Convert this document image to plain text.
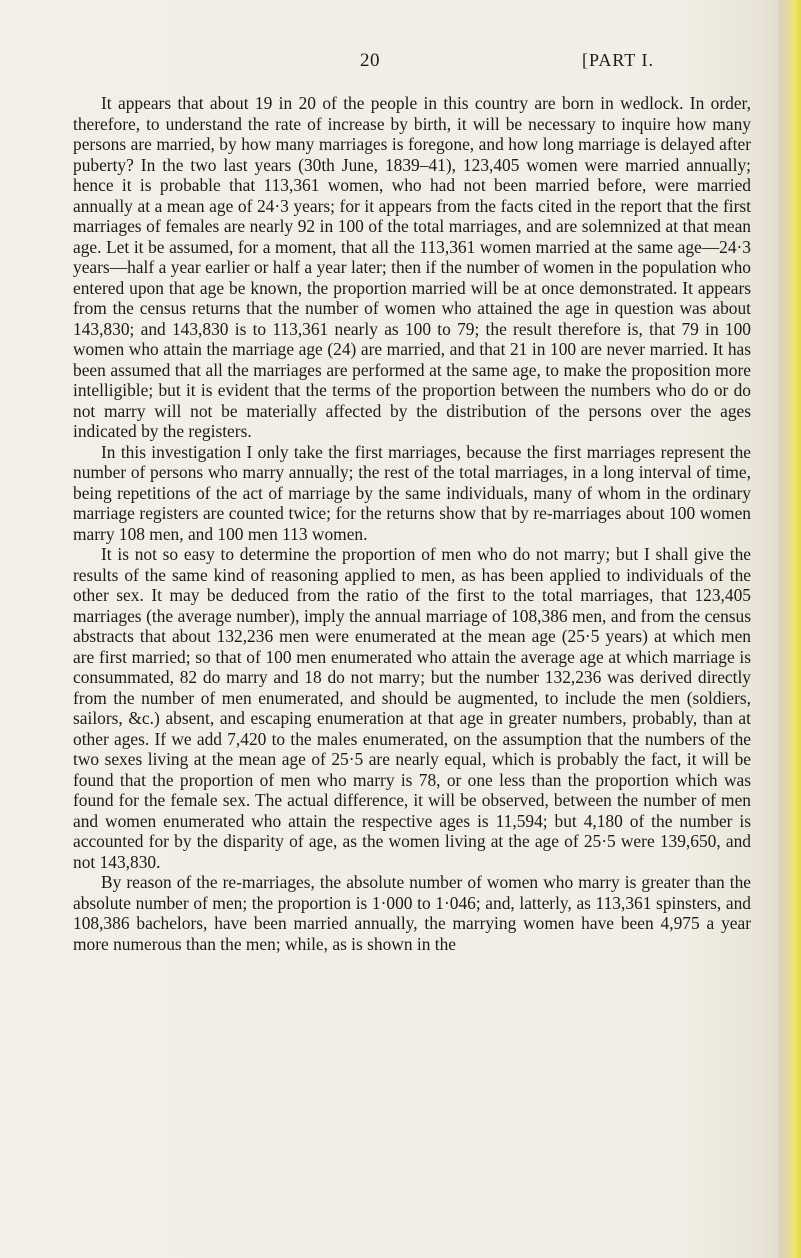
20	[PART I.

It appears that about 19 in 20 of the people in this country are born in wedlock. In order, therefore, to understand the rate of increase by birth, it will be necessary to inquire how many persons are married, by how many marriages is foregone, and how long marriage is delayed after puberty? In the two last years (30th June, 1839–41), 123,405 women were married annually; hence it is probable that 113,361 women, who had not been married before, were married annually at a mean age of 24·3 years; for it appears from the facts cited in the report that the first marriages of females are nearly 92 in 100 of the total marriages, and are solemnized at that mean age. Let it be assumed, for a moment, that all the 113,361 women married at the same age—24·3 years—half a year earlier or half a year later; then if the number of women in the population who entered upon that age be known, the proportion married will be at once demonstrated. It appears from the census returns that the number of women who attained the age in question was about 143,830; and 143,830 is to 113,361 nearly as 100 to 79; the result therefore is, that 79 in 100 women who attain the marriage age (24) are married, and that 21 in 100 are never married. It has been assumed that all the marriages are performed at the same age, to make the proposition more intelligible; but it is evident that the terms of the proportion between the numbers who do or do not marry will not be materially affected by the distribution of the persons over the ages indicated by the registers.

In this investigation I only take the first marriages, because the first marriages represent the number of persons who marry annually; the rest of the total marriages, in a long interval of time, being repetitions of the act of marriage by the same individuals, many of whom in the ordinary marriage registers are counted twice; for the returns show that by re-marriages about 100 women marry 108 men, and 100 men 113 women.

It is not so easy to determine the proportion of men who do not marry; but I shall give the results of the same kind of reasoning applied to men, as has been applied to individuals of the other sex. It may be deduced from the ratio of the first to the total marriages, that 123,405 marriages (the average number), imply the annual marriage of 108,386 men, and from the census abstracts that about 132,236 men were enumerated at the mean age (25·5 years) at which men are first married; so that of 100 men enumerated who attain the average age at which marriage is consummated, 82 do marry and 18 do not marry; but the number 132,236 was derived directly from the number of men enumerated, and should be augmented, to include the men (soldiers, sailors, &c.) absent, and escaping enumeration at that age in greater numbers, probably, than at other ages. If we add 7,420 to the males enumerated, on the assumption that the numbers of the two sexes living at the mean age of 25·5 are nearly equal, which is probably the fact, it will be found that the proportion of men who marry is 78, or one less than the proportion which was found for the female sex. The actual difference, it will be observed, between the number of men and women enumerated who attain the respective ages is 11,594; but 4,180 of the number is accounted for by the disparity of age, as the women living at the age of 25·5 were 139,650, and not 143,830.

By reason of the re-marriages, the absolute number of women who marry is greater than the absolute number of men; the proportion is 1·000 to 1·046; and, latterly, as 113,361 spinsters, and 108,386 bachelors, have been married annually, the marrying women have been 4,975 a year more numerous than the men; while, as is shown in the
